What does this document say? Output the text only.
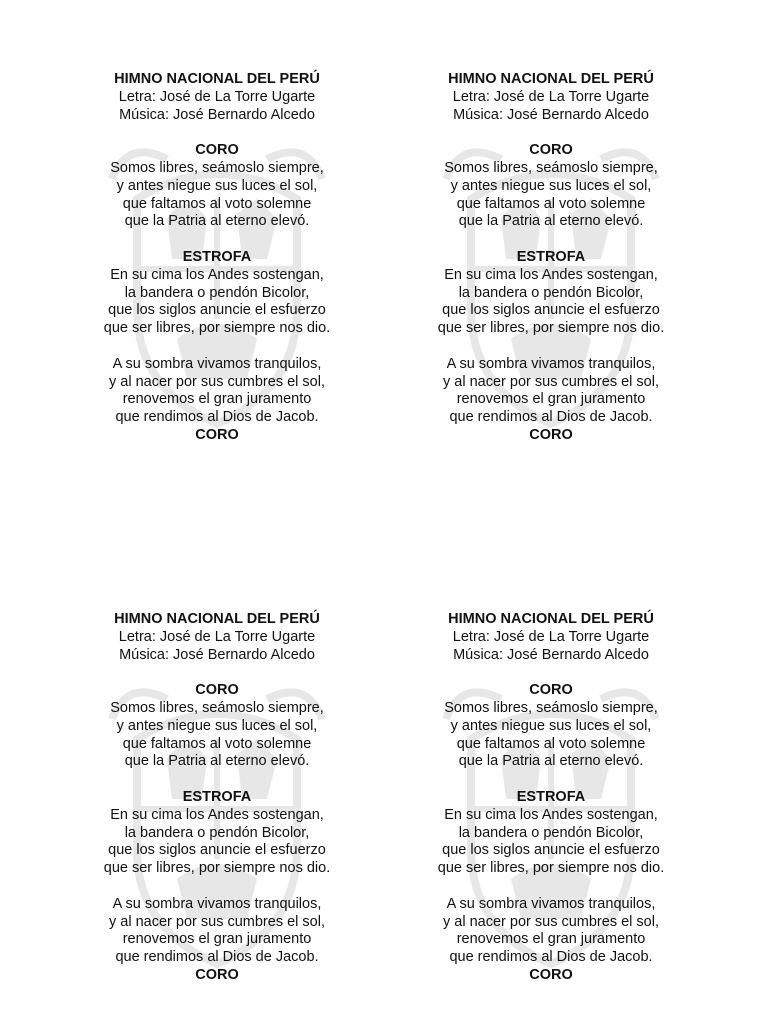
HIMNO NACIONAL DEL PERÚ
Letra: José de La Torre Ugarte
Música: José Bernardo Alcedo
CORO
Somos libres, seámoslo siempre,
y antes niegue sus luces el sol,
que faltamos al voto solemne
que la Patria al eterno elevó.
ESTROFA
En su cima los Andes sostengan,
la bandera o pendón Bicolor,
que los siglos anuncie el esfuerzo
que ser libres, por siempre nos dio.
A su sombra vivamos tranquilos,
y al nacer por sus cumbres el sol,
renovemos el gran juramento
que rendimos al Dios de Jacob.
CORO
HIMNO NACIONAL DEL PERÚ
Letra: José de La Torre Ugarte
Música: José Bernardo Alcedo
CORO
Somos libres, seámoslo siempre,
y antes niegue sus luces el sol,
que faltamos al voto solemne
que la Patria al eterno elevó.
ESTROFA
En su cima los Andes sostengan,
la bandera o pendón Bicolor,
que los siglos anuncie el esfuerzo
que ser libres, por siempre nos dio.
A su sombra vivamos tranquilos,
y al nacer por sus cumbres el sol,
renovemos el gran juramento
que rendimos al Dios de Jacob.
CORO
HIMNO NACIONAL DEL PERÚ
Letra: José de La Torre Ugarte
Música: José Bernardo Alcedo
CORO
Somos libres, seámoslo siempre,
y antes niegue sus luces el sol,
que faltamos al voto solemne
que la Patria al eterno elevó.
ESTROFA
En su cima los Andes sostengan,
la bandera o pendón Bicolor,
que los siglos anuncie el esfuerzo
que ser libres, por siempre nos dio.
A su sombra vivamos tranquilos,
y al nacer por sus cumbres el sol,
renovemos el gran juramento
que rendimos al Dios de Jacob.
CORO
HIMNO NACIONAL DEL PERÚ
Letra: José de La Torre Ugarte
Música: José Bernardo Alcedo
CORO
Somos libres, seámoslo siempre,
y antes niegue sus luces el sol,
que faltamos al voto solemne
que la Patria al eterno elevó.
ESTROFA
En su cima los Andes sostengan,
la bandera o pendón Bicolor,
que los siglos anuncie el esfuerzo
que ser libres, por siempre nos dio.
A su sombra vivamos tranquilos,
y al nacer por sus cumbres el sol,
renovemos el gran juramento
que rendimos al Dios de Jacob.
CORO
